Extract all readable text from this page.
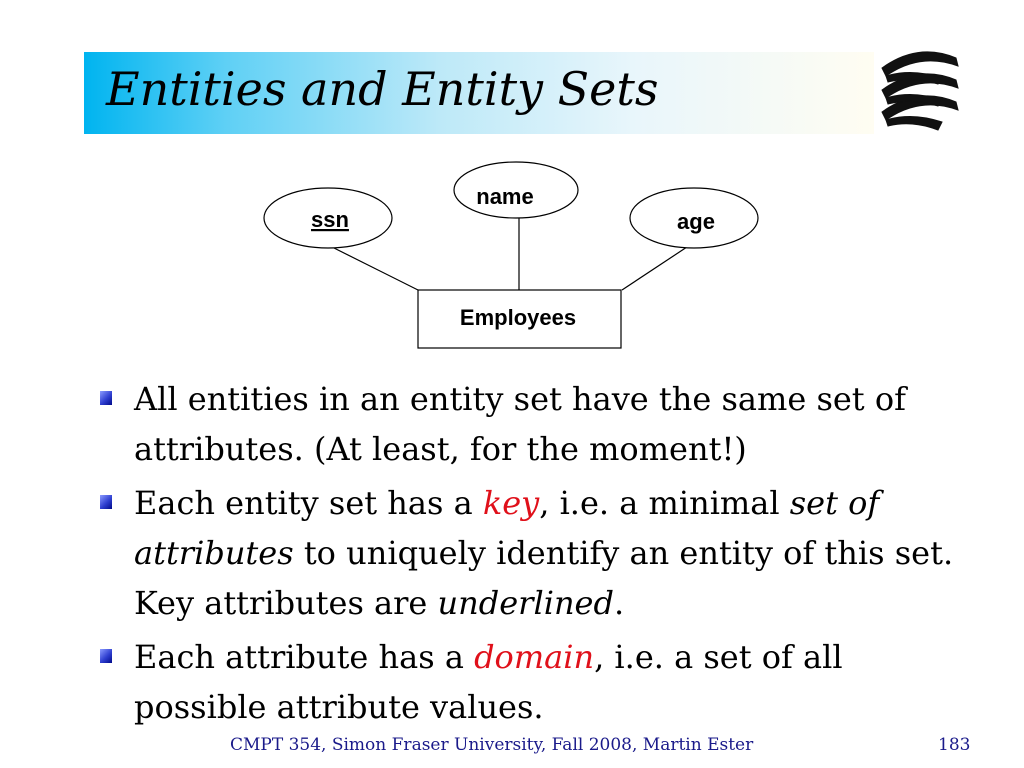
Entities and Entity Sets
ssn
name
age
Employees
All entities in an entity set have the same set of attributes. (At least, for the moment!)
Each entity set has a key, i.e. a minimal set of attributes to uniquely identify an entity of this set. Key attributes are underlined.
Each attribute has a domain, i.e. a set of all possible attribute values.
CMPT 354, Simon Fraser University, Fall 2008, Martin Ester	183
